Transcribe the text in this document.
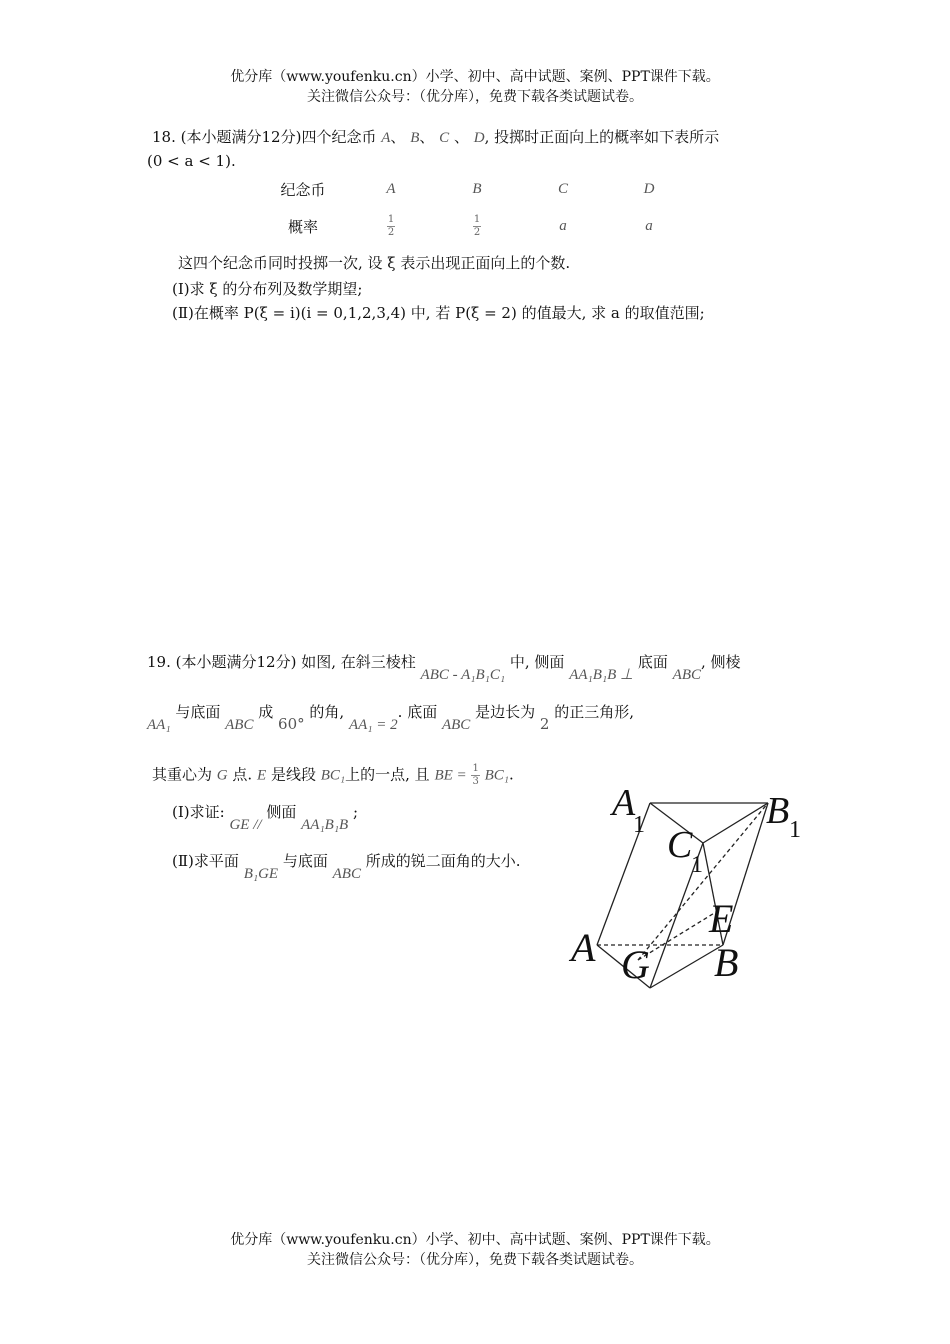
优分库（www.youfenku.cn）小学、初中、高中试题、案例、PPT课件下载。
关注微信公众号：（优分库），免费下载各类试题试卷。
18. (本小题满分12分)四个纪念币 A、 B、 C 、 D, 投掷时正面向上的概率如下表所示
(0 < a < 1).
纪念币	A	B	C	D
概率	$\frac{1}{2}$	$\frac{1}{2}$	a	a
这四个纪念币同时投掷一次, 设 ξ 表示出现正面向上的个数.
(Ⅰ)求 ξ 的分布列及数学期望;
(Ⅱ)在概率 P(ξ = i)(i = 0,1,2,3,4) 中, 若 P(ξ = 2) 的值最大, 求 a 的取值范围;
19. (本小题满分12分) 如图, 在斜三棱柱 ABC - A₁B₁C₁ 中, 侧面 AA₁B₁B ⊥ 底面 ABC, 侧棱
AA₁ 与底面 ABC 成 60° 的角, AA₁ = 2. 底面 ABC 是边长为 2 的正三角形,
其重心为 G 点. E 是线段 BC₁上的一点, 且 BE = $\frac{1}{3} BC_1$.
(Ⅰ)求证: GE // 侧面 AA₁B₁B ;
(Ⅱ)求平面 B₁GE 与底面 ABC 所成的锐二面角的大小.
A
1	B 1
C
1
A G
E
B
优分库（www.youfenku.cn）小学、初中、高中试题、案例、PPT课件下载。
关注微信公众号：（优分库），免费下载各类试题试卷。
